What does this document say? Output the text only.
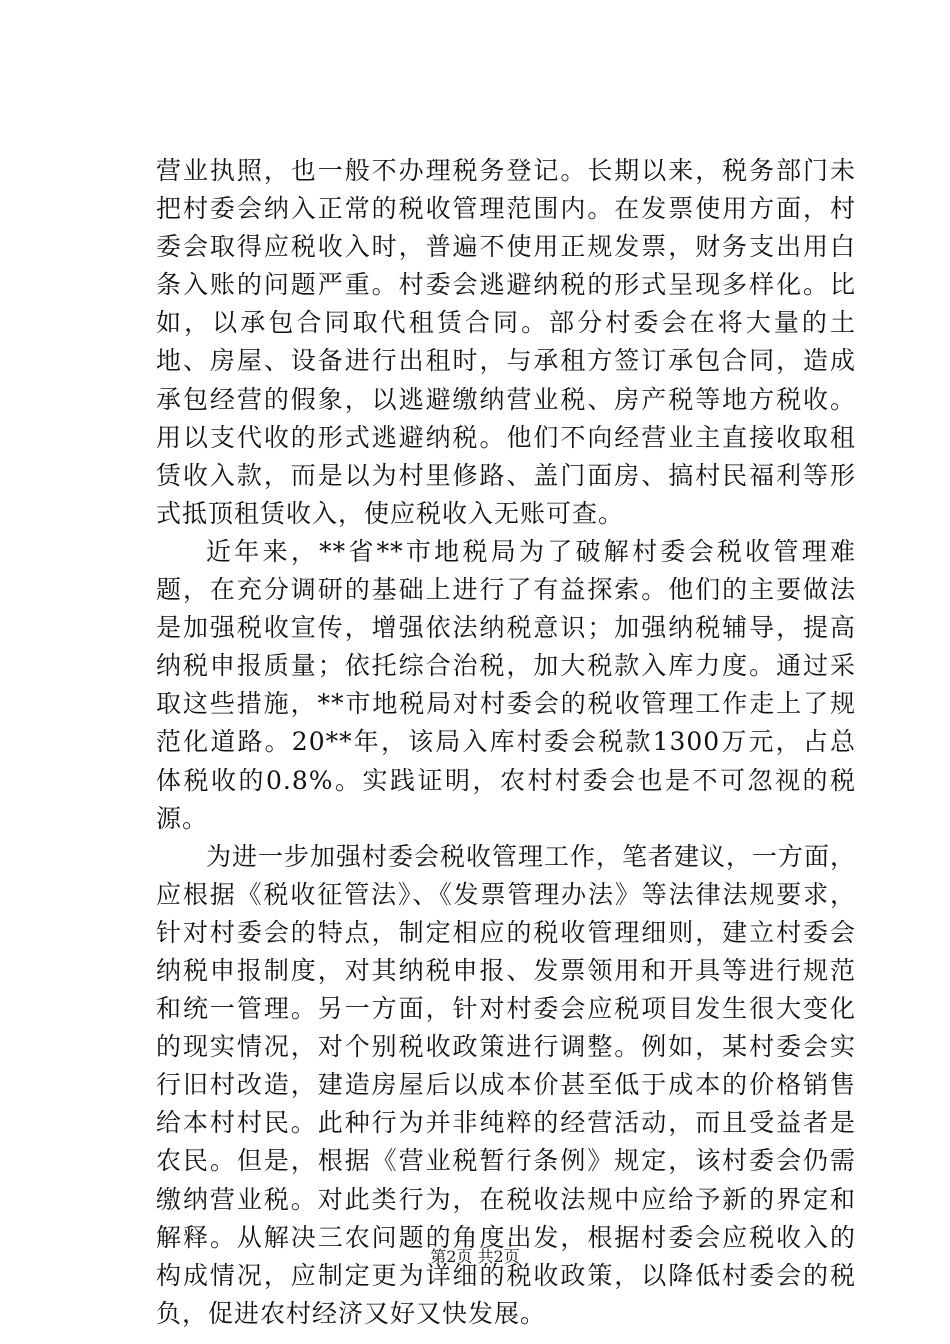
营业执照，也一般不办理税务登记。长期以来，税务部门未把村委会纳入正常的税收管理范围内。在发票使用方面，村委会取得应税收入时，普遍不使用正规发票，财务支出用白条入账的问题严重。村委会逃避纳税的形式呈现多样化。比如，以承包合同取代租赁合同。部分村委会在将大量的土地、房屋、设备进行出租时，与承租方签订承包合同，造成承包经营的假象，以逃避缴纳营业税、房产税等地方税收。用以支代收的形式逃避纳税。他们不向经营业主直接收取租赁收入款，而是以为村里修路、盖门面房、搞村民福利等形式抵顶租赁收入，使应税收入无账可查。

近年来，**省**市地税局为了破解村委会税收管理难题，在充分调研的基础上进行了有益探索。他们的主要做法是加强税收宣传，增强依法纳税意识；加强纳税辅导，提高纳税申报质量；依托综合治税，加大税款入库力度。通过采取这些措施，**市地税局对村委会的税收管理工作走上了规范化道路。20**年，该局入库村委会税款1300万元，占总体税收的0.8%。实践证明，农村村委会也是不可忽视的税源。

为进一步加强村委会税收管理工作，笔者建议，一方面，应根据《税收征管法》、《发票管理办法》等法律法规要求，针对村委会的特点，制定相应的税收管理细则，建立村委会纳税申报制度，对其纳税申报、发票领用和开具等进行规范和统一管理。另一方面，针对村委会应税项目发生很大变化的现实情况，对个别税收政策进行调整。例如，某村委会实行旧村改造，建造房屋后以成本价甚至低于成本的价格销售给本村村民。此种行为并非纯粹的经营活动，而且受益者是农民。但是，根据《营业税暂行条例》规定，该村委会仍需缴纳营业税。对此类行为，在税收法规中应给予新的界定和解释。从解决三农问题的角度出发，根据村委会应税收入的构成情况，应制定更为详细的税收政策，以降低村委会的税负，促进农村经济又好又快发展。

第2页 共2页
